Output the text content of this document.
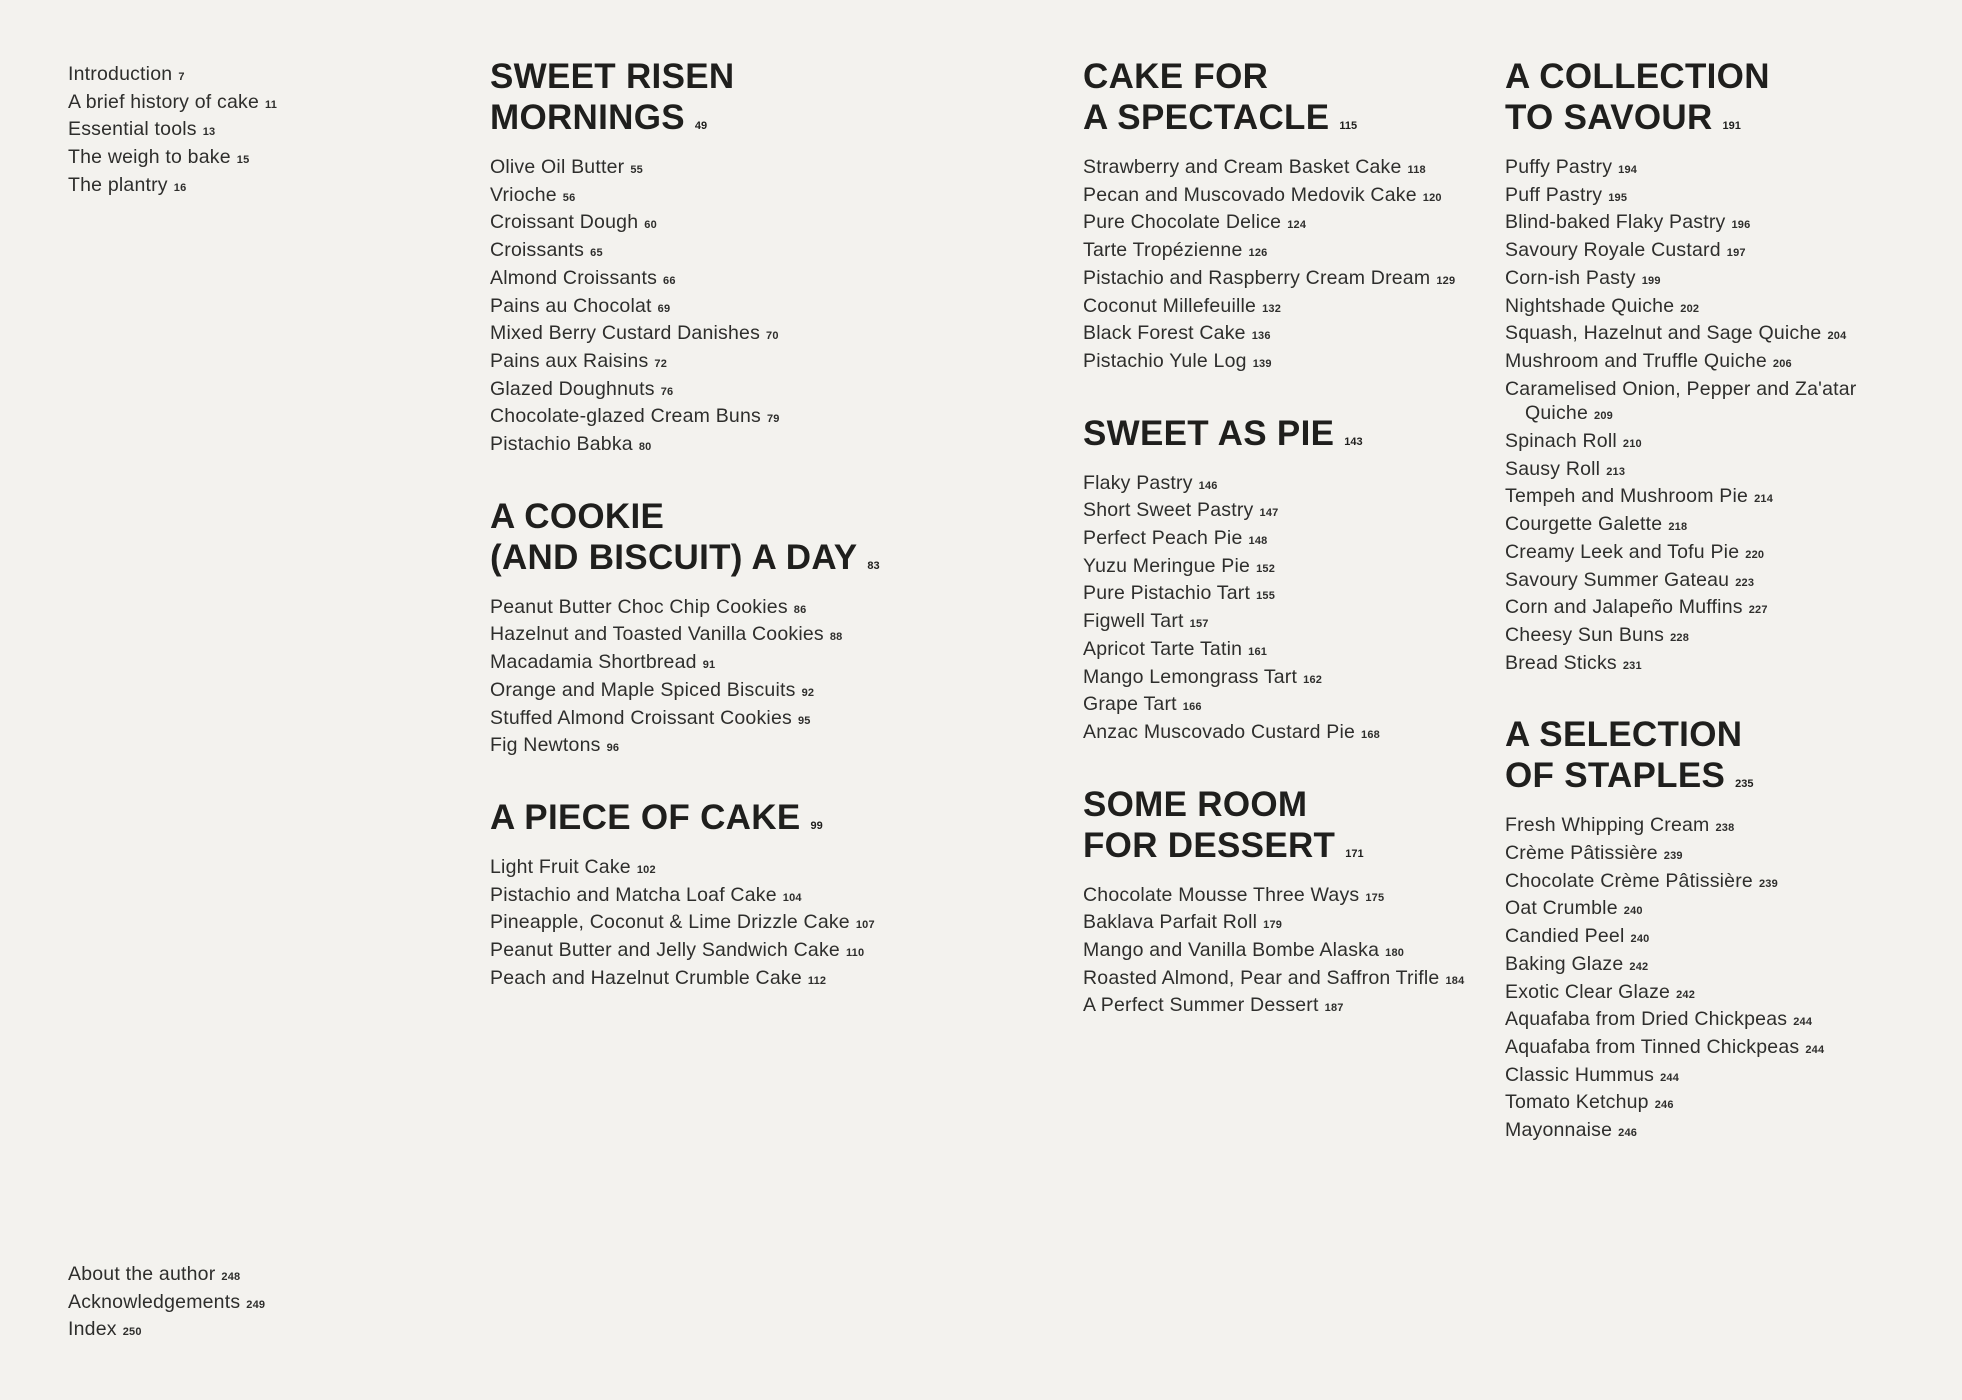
Introduction 7
A brief history of cake 11
Essential tools 13
The weigh to bake 15
The plantry 16
SWEET RISEN
MORNINGS 49
Olive Oil Butter 55
Vrioche 56
Croissant Dough 60
Croissants 65
Almond Croissants 66
Pains au Chocolat 69
Mixed Berry Custard Danishes 70
Pains aux Raisins 72
Glazed Doughnuts 76
Chocolate-glazed Cream Buns 79
Pistachio Babka 80
A COOKIE
(AND BISCUIT) A DAY 83
Peanut Butter Choc Chip Cookies 86
Hazelnut and Toasted Vanilla Cookies 88
Macadamia Shortbread 91
Orange and Maple Spiced Biscuits 92
Stuffed Almond Croissant Cookies 95
Fig Newtons 96
A PIECE OF CAKE 99
Light Fruit Cake 102
Pistachio and Matcha Loaf Cake 104
Pineapple, Coconut & Lime Drizzle Cake 107
Peanut Butter and Jelly Sandwich Cake 110
Peach and Hazelnut Crumble Cake 112
CAKE FOR
A SPECTACLE 115
Strawberry and Cream Basket Cake 118
Pecan and Muscovado Medovik Cake 120
Pure Chocolate Delice 124
Tarte Tropézienne 126
Pistachio and Raspberry Cream Dream 129
Coconut Millefeuille 132
Black Forest Cake 136
Pistachio Yule Log 139
SWEET AS PIE 143
Flaky Pastry 146
Short Sweet Pastry 147
Perfect Peach Pie 148
Yuzu Meringue Pie 152
Pure Pistachio Tart 155
Figwell Tart 157
Apricot Tarte Tatin 161
Mango Lemongrass Tart 162
Grape Tart 166
Anzac Muscovado Custard Pie 168
SOME ROOM
FOR DESSERT 171
Chocolate Mousse Three Ways 175
Baklava Parfait Roll 179
Mango and Vanilla Bombe Alaska 180
Roasted Almond, Pear and Saffron Trifle 184
A Perfect Summer Dessert 187
A COLLECTION
TO SAVOUR 191
Puffy Pastry 194
Puff Pastry 195
Blind-baked Flaky Pastry 196
Savoury Royale Custard 197
Corn-ish Pasty 199
Nightshade Quiche 202
Squash, Hazelnut and Sage Quiche 204
Mushroom and Truffle Quiche 206
Caramelised Onion, Pepper and Za'atar Quiche 209
Spinach Roll 210
Sausy Roll 213
Tempeh and Mushroom Pie 214
Courgette Galette 218
Creamy Leek and Tofu Pie 220
Savoury Summer Gateau 223
Corn and Jalapeño Muffins 227
Cheesy Sun Buns 228
Bread Sticks 231
A SELECTION
OF STAPLES 235
Fresh Whipping Cream 238
Crème Pâtissière 239
Chocolate Crème Pâtissière 239
Oat Crumble 240
Candied Peel 240
Baking Glaze 242
Exotic Clear Glaze 242
Aquafaba from Dried Chickpeas 244
Aquafaba from Tinned Chickpeas 244
Classic Hummus 244
Tomato Ketchup 246
Mayonnaise 246
About the author 248
Acknowledgements 249
Index 250
